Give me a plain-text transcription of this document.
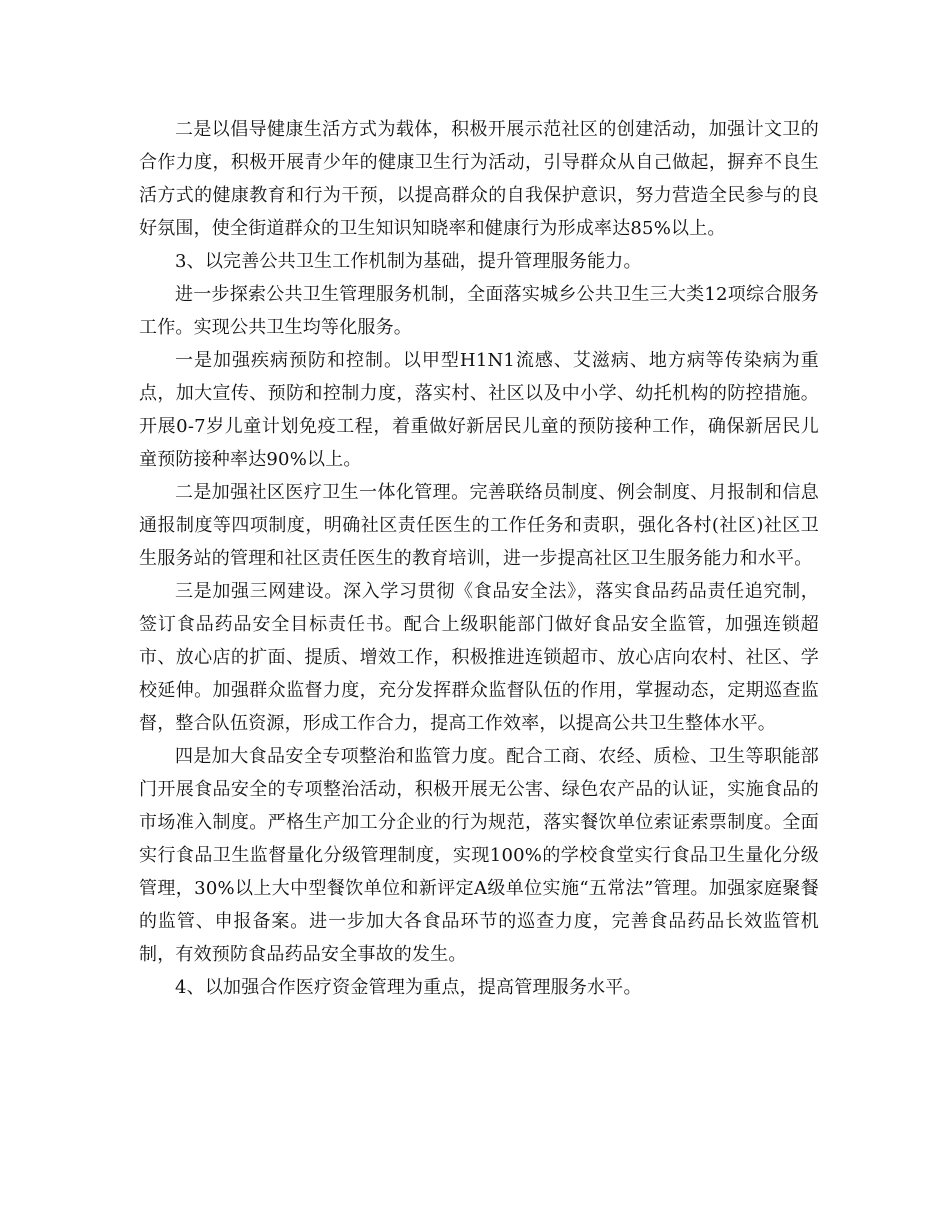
二是以倡导健康生活方式为载体，积极开展示范社区的创建活动，加强计文卫的合作力度，积极开展青少年的健康卫生行为活动，引导群众从自己做起，摒弃不良生活方式的健康教育和行为干预，以提高群众的自我保护意识，努力营造全民参与的良好氛围，使全街道群众的卫生知识知晓率和健康行为形成率达85%以上。

3、以完善公共卫生工作机制为基础，提升管理服务能力。

进一步探索公共卫生管理服务机制，全面落实城乡公共卫生三大类12项综合服务工作。实现公共卫生均等化服务。

一是加强疾病预防和控制。以甲型H1N1流感、艾滋病、地方病等传染病为重点，加大宣传、预防和控制力度，落实村、社区以及中小学、幼托机构的防控措施。开展0-7岁儿童计划免疫工程，着重做好新居民儿童的预防接种工作，确保新居民儿童预防接种率达90%以上。

二是加强社区医疗卫生一体化管理。完善联络员制度、例会制度、月报制和信息通报制度等四项制度，明确社区责任医生的工作任务和责职，强化各村(社区)社区卫生服务站的管理和社区责任医生的教育培训，进一步提高社区卫生服务能力和水平。

三是加强三网建设。深入学习贯彻《食品安全法》，落实食品药品责任追究制，签订食品药品安全目标责任书。配合上级职能部门做好食品安全监管，加强连锁超市、放心店的扩面、提质、增效工作，积极推进连锁超市、放心店向农村、社区、学校延伸。加强群众监督力度，充分发挥群众监督队伍的作用，掌握动态，定期巡查监督，整合队伍资源，形成工作合力，提高工作效率，以提高公共卫生整体水平。

四是加大食品安全专项整治和监管力度。配合工商、农经、质检、卫生等职能部门开展食品安全的专项整治活动，积极开展无公害、绿色农产品的认证，实施食品的市场准入制度。严格生产加工分企业的行为规范，落实餐饮单位索证索票制度。全面实行食品卫生监督量化分级管理制度，实现100%的学校食堂实行食品卫生量化分级管理，30%以上大中型餐饮单位和新评定A级单位实施“五常法”管理。加强家庭聚餐的监管、申报备案。进一步加大各食品环节的巡查力度，完善食品药品长效监管机制，有效预防食品药品安全事故的发生。

4、以加强合作医疗资金管理为重点，提高管理服务水平。
